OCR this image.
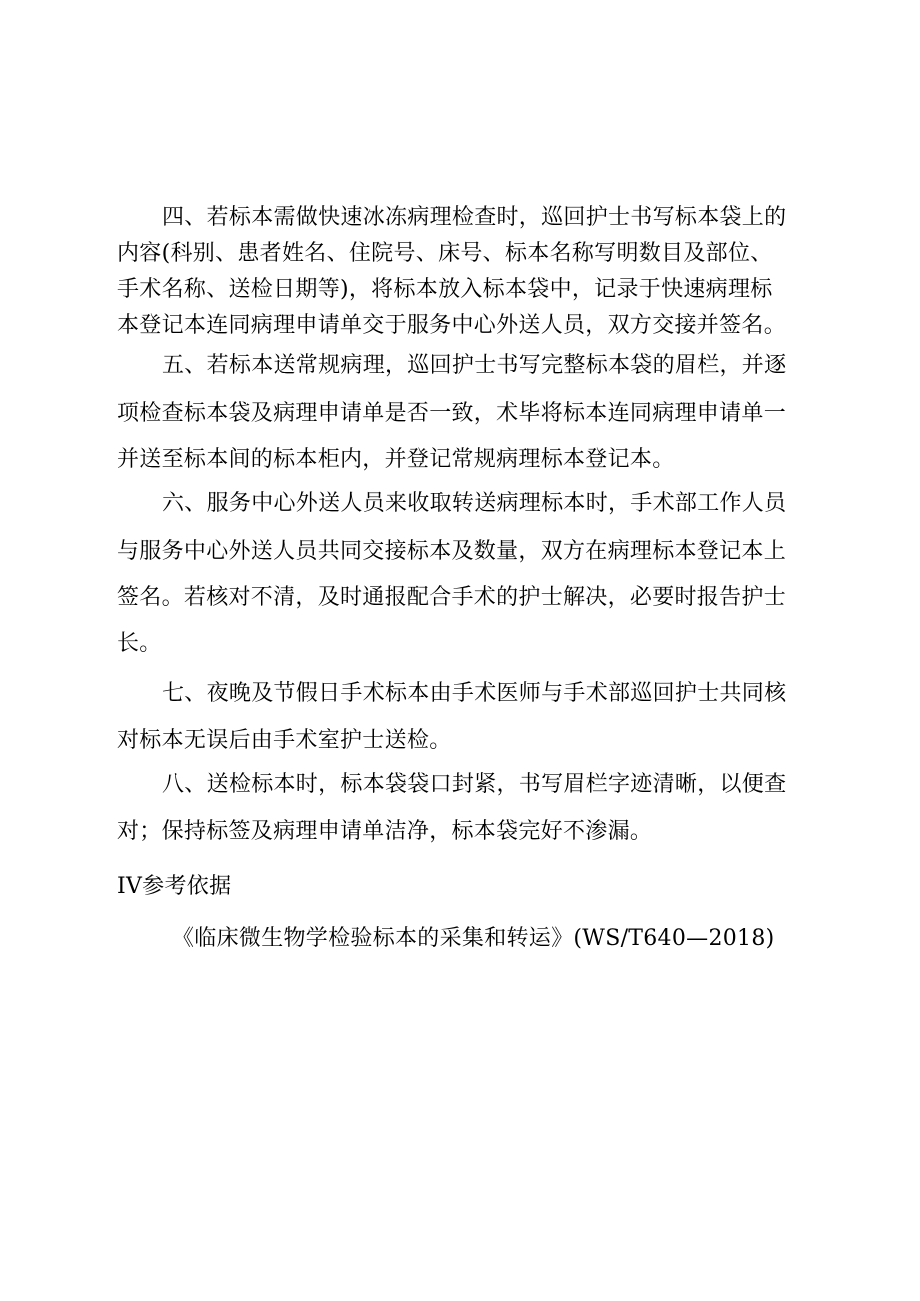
四、若标本需做快速冰冻病理检查时，巡回护士书写标本袋上的
内容(科别、患者姓名、住院号、床号、标本名称写明数目及部位、
手术名称、送检日期等)，将标本放入标本袋中，记录于快速病理标
本登记本连同病理申请单交于服务中心外送人员，双方交接并签名。
五、若标本送常规病理，巡回护士书写完整标本袋的眉栏，并逐
项检查标本袋及病理申请单是否一致，术毕将标本连同病理申请单一
并送至标本间的标本柜内，并登记常规病理标本登记本。
六、服务中心外送人员来收取转送病理标本时，手术部工作人员
与服务中心外送人员共同交接标本及数量，双方在病理标本登记本上
签名。若核对不清，及时通报配合手术的护士解决，必要时报告护士
长。
七、夜晚及节假日手术标本由手术医师与手术部巡回护士共同核
对标本无误后由手术室护士送检。
八、送检标本时，标本袋袋口封紧，书写眉栏字迹清晰，以便查
对；保持标签及病理申请单洁净，标本袋完好不渗漏。
IV参考依据
《临床微生物学检验标本的采集和转运》(WS/T640—2018)
